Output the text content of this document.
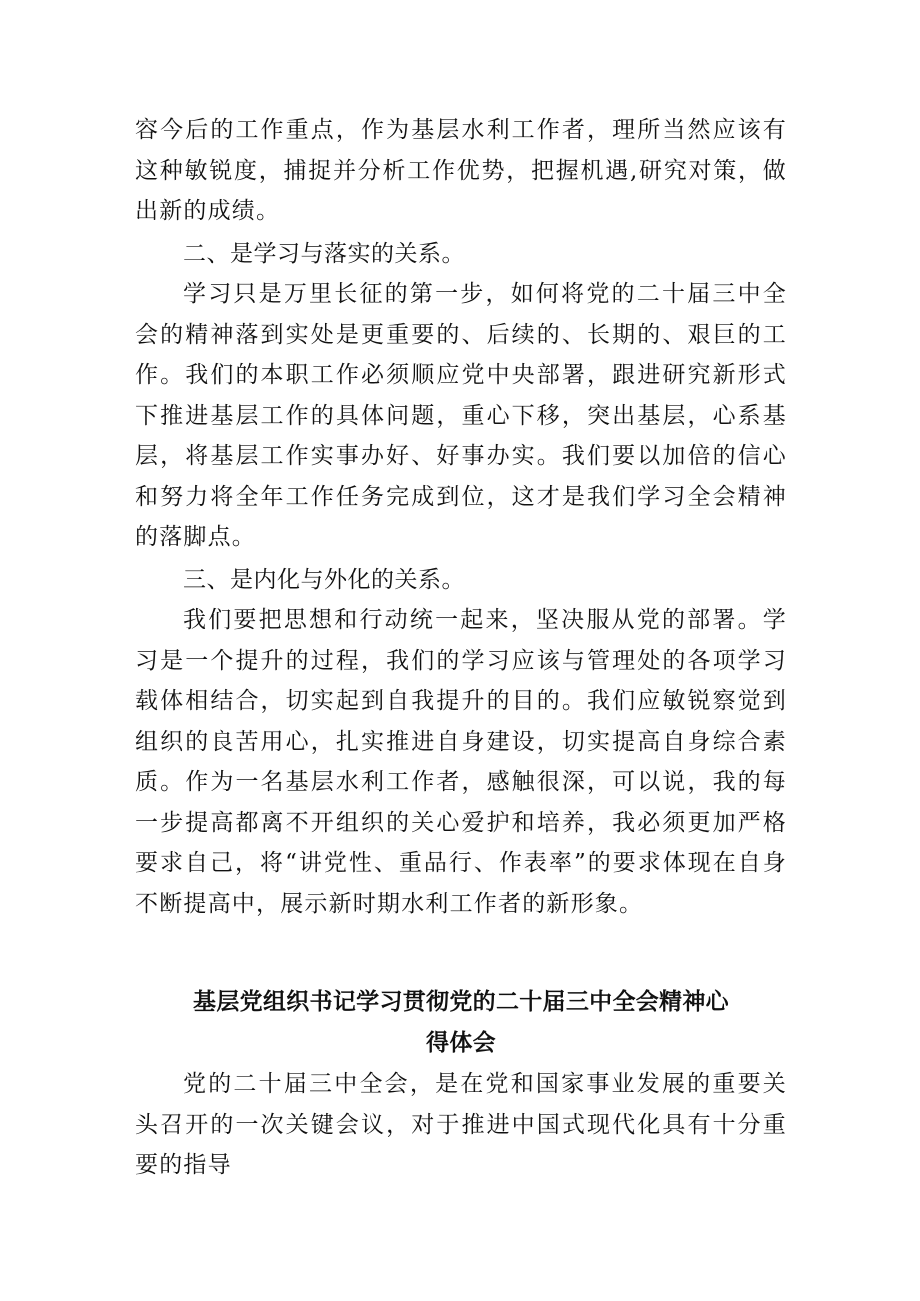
容今后的工作重点，作为基层水利工作者，理所当然应该有这种敏锐度，捕捉并分析工作优势，把握机遇,研究对策，做出新的成绩。

二、是学习与落实的关系。

学习只是万里长征的第一步，如何将党的二十届三中全会的精神落到实处是更重要的、后续的、长期的、艰巨的工作。我们的本职工作必须顺应党中央部署，跟进研究新形式下推进基层工作的具体问题，重心下移，突出基层，心系基层，将基层工作实事办好、好事办实。我们要以加倍的信心和努力将全年工作任务完成到位，这才是我们学习全会精神的落脚点。

三、是内化与外化的关系。

我们要把思想和行动统一起来，坚决服从党的部署。学习是一个提升的过程，我们的学习应该与管理处的各项学习载体相结合，切实起到自我提升的目的。我们应敏锐察觉到组织的良苦用心，扎实推进自身建设，切实提高自身综合素质。作为一名基层水利工作者，感触很深，可以说，我的每一步提高都离不开组织的关心爱护和培养，我必须更加严格要求自己，将“讲党性、重品行、作表率”的要求体现在自身不断提高中，展示新时期水利工作者的新形象。

基层党组织书记学习贯彻党的二十届三中全会精神心
得体会

党的二十届三中全会，是在党和国家事业发展的重要关头召开的一次关键会议，对于推进中国式现代化具有十分重要的指导
